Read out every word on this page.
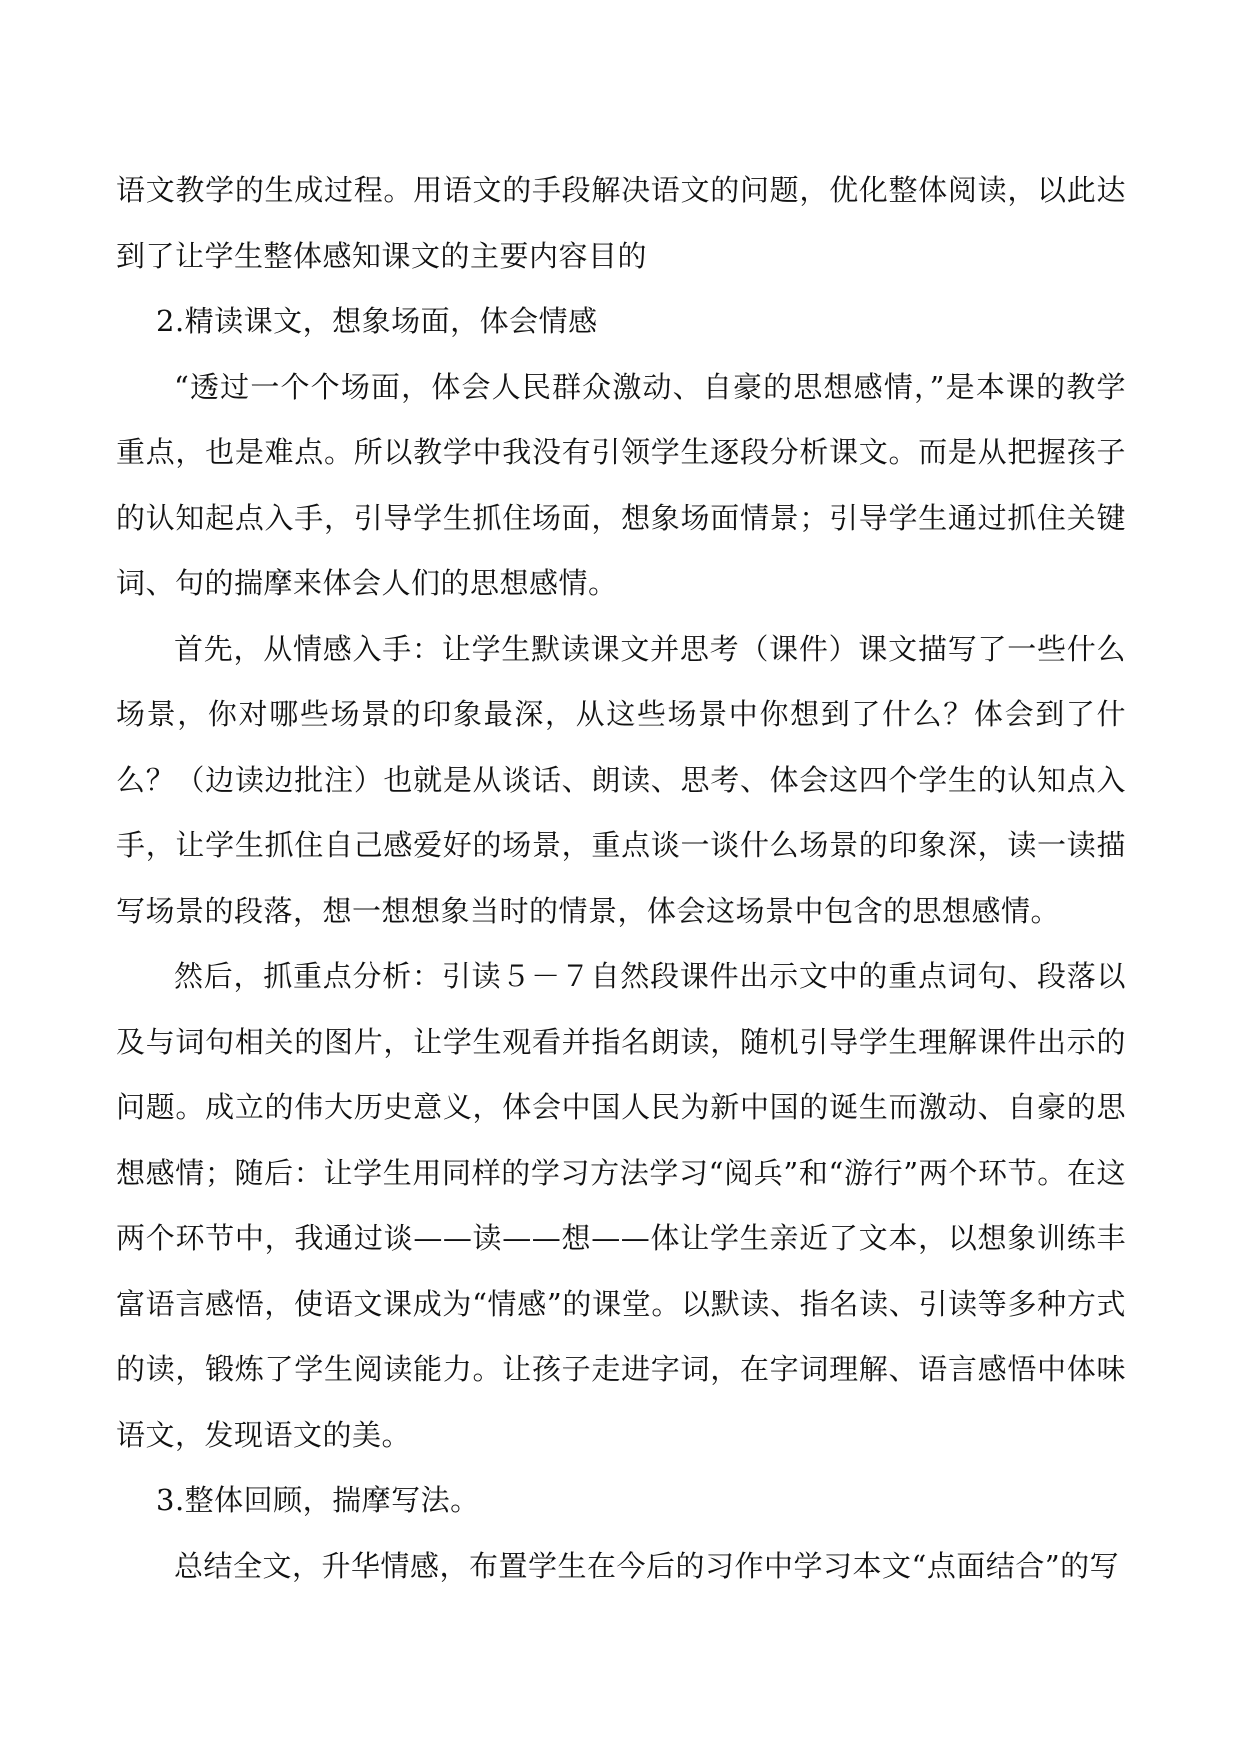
语文教学的生成过程。用语文的手段解决语文的问题，优化整体阅读，以此达到了让学生整体感知课文的主要内容目的

2.精读课文，想象场面，体会情感

“透过一个个场面，体会人民群众激动、自豪的思想感情，”是本课的教学重点，也是难点。所以教学中我没有引领学生逐段分析课文。而是从把握孩子的认知起点入手，引导学生抓住场面，想象场面情景；引导学生通过抓住关键词、句的揣摩来体会人们的思想感情。

首先，从情感入手：让学生默读课文并思考（课件）课文描写了一些什么场景，你对哪些场景的印象最深，从这些场景中你想到了什么？体会到了什么？（边读边批注）也就是从谈话、朗读、思考、体会这四个学生的认知点入手，让学生抓住自己感爱好的场景，重点谈一谈什么场景的印象深，读一读描写场景的段落，想一想想象当时的情景，体会这场景中包含的思想感情。

然后，抓重点分析：引读５－７自然段课件出示文中的重点词句、段落以及与词句相关的图片，让学生观看并指名朗读，随机引导学生理解课件出示的问题。成立的伟大历史意义，体会中国人民为新中国的诞生而激动、自豪的思想感情；随后：让学生用同样的学习方法学习“阅兵”和“游行”两个环节。在这两个环节中，我通过谈——读——想——体让学生亲近了文本，以想象训练丰富语言感悟，使语文课成为“情感”的课堂。以默读、指名读、引读等多种方式的读，锻炼了学生阅读能力。让孩子走进字词，在字词理解、语言感悟中体味语文，发现语文的美。

3.整体回顾，揣摩写法。

总结全文，升华情感，布置学生在今后的习作中学习本文“点面结合”的写
